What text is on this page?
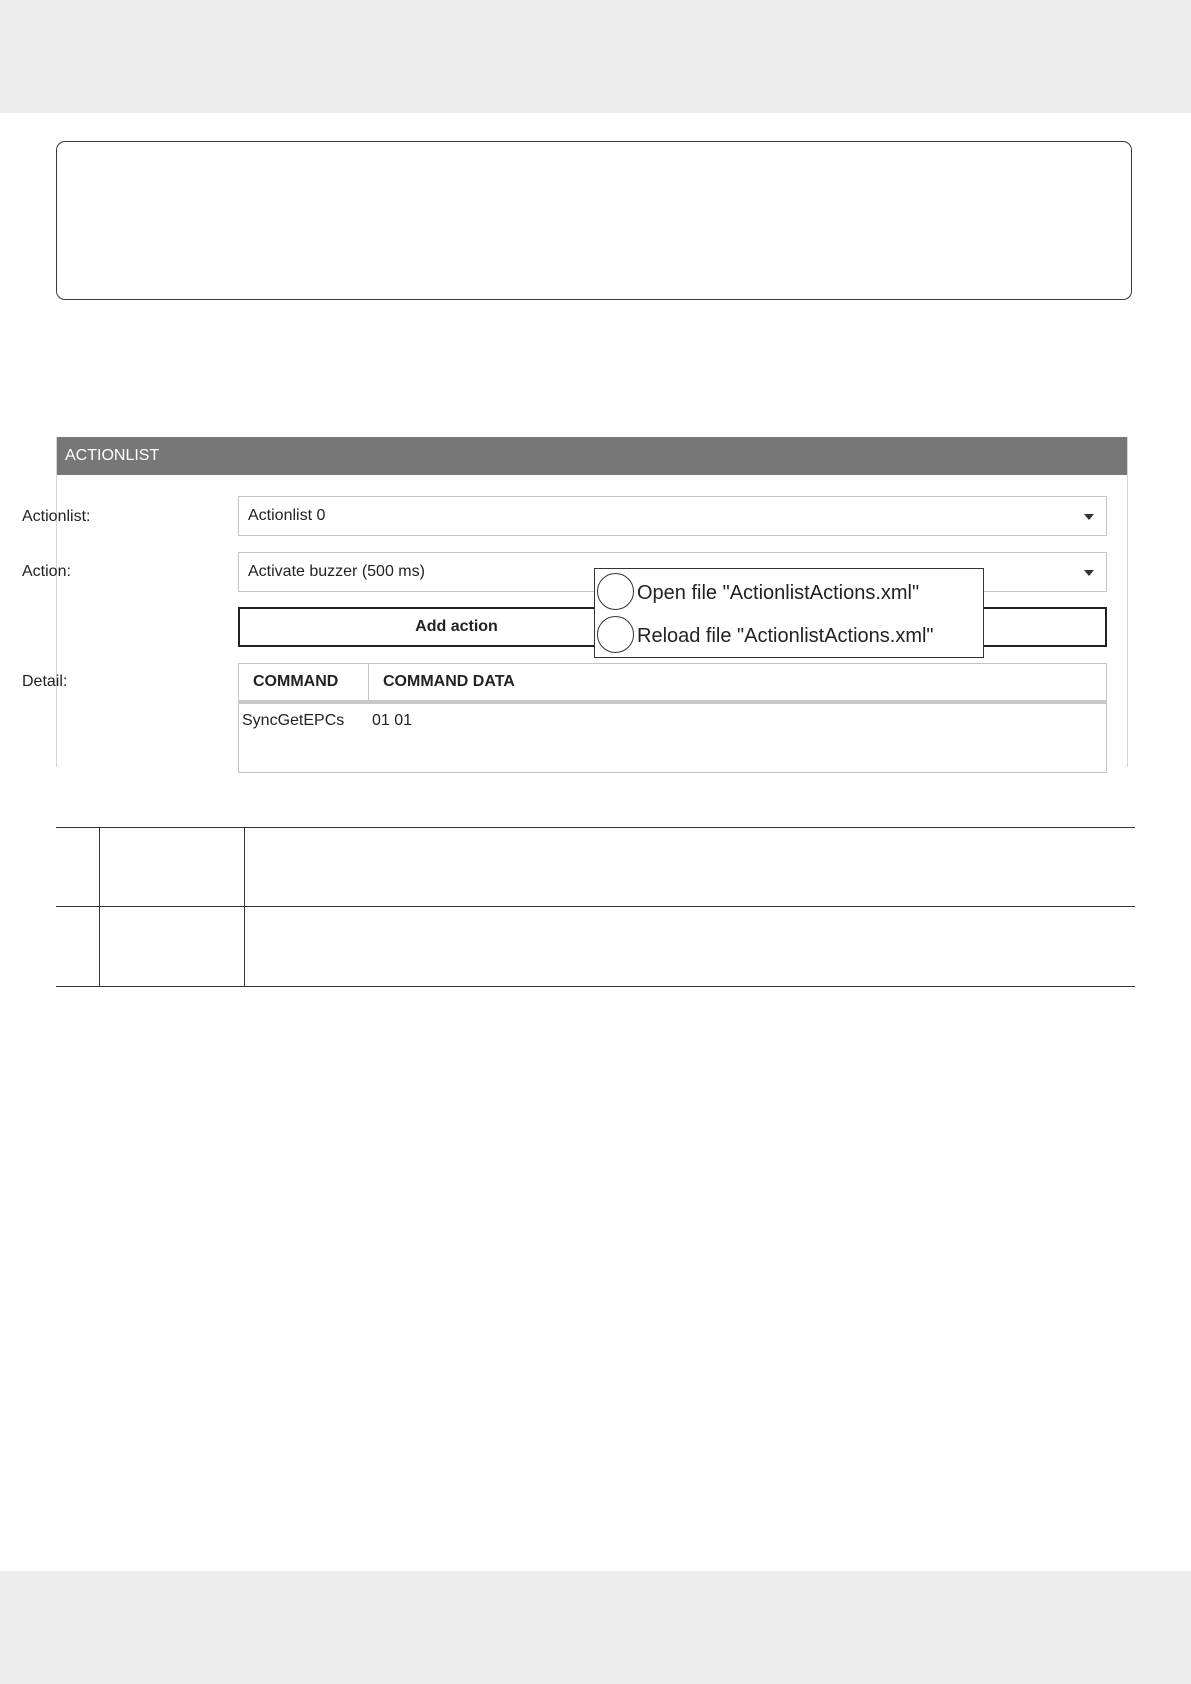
ACTIONLIST
Actionlist:	Actionlist 0
Action:	Activate buzzer (500 ms)
Add action
Detail:	COMMAND	COMMAND DATA
SyncGetEPCs 01 01
Open file "ActionlistActions.xml"
Reload file "ActionlistActions.xml"
